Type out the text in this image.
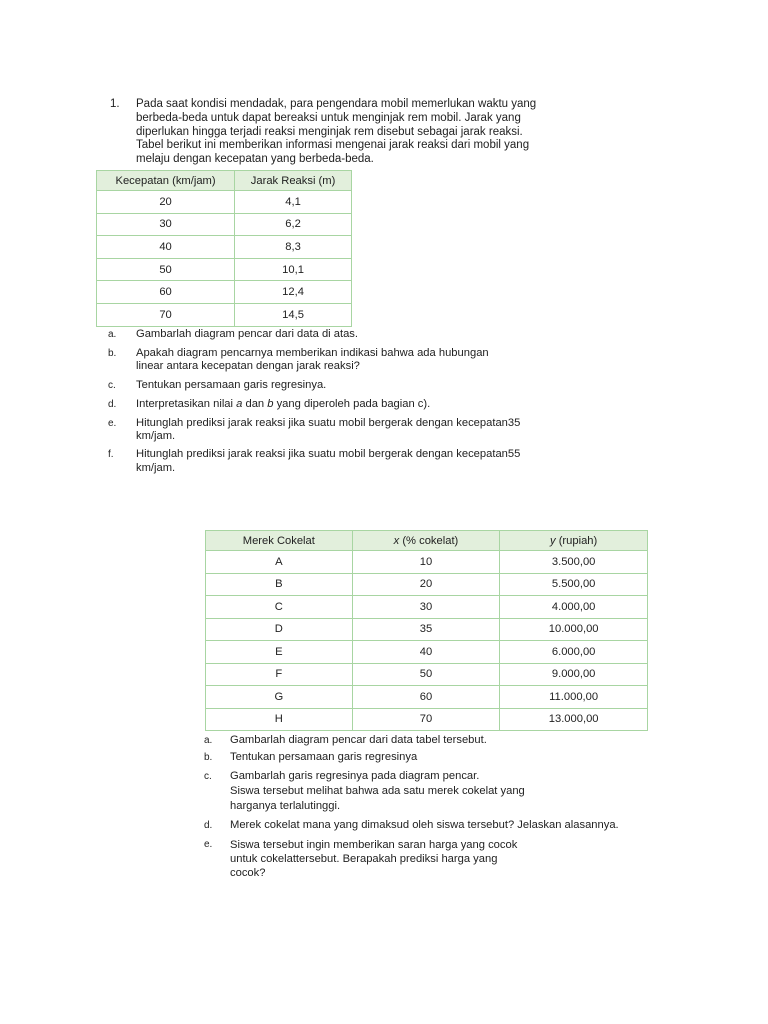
1. Pada saat kondisi mendadak, para pengendara mobil memerlukan waktu yang
berbeda-beda untuk dapat bereaksi untuk menginjak rem mobil. Jarak yang
diperlukan hingga terjadi reaksi menginjak rem disebut sebagai jarak reaksi.
Tabel berikut ini memberikan informasi mengenai jarak reaksi dari mobil yang
melaju dengan kecepatan yang berbeda-beda.

Kecepatan (km/jam)	Jarak Reaksi (m)
20	4,1
30	6,2
40	8,3
50	10,1
60	12,4
70	14,5
a. Gambarlah diagram pencar dari data di atas.
b. Apakah diagram pencarnya memberikan indikasi bahwa ada hubungan
linear antara kecepatan dengan jarak reaksi?
c. Tentukan persamaan garis regresinya.
d. Interpretasikan nilai a dan b yang diperoleh pada bagian c).
e. Hitunglah prediksi jarak reaksi jika suatu mobil bergerak dengan kecepatan35
km/jam.
f. Hitunglah prediksi jarak reaksi jika suatu mobil bergerak dengan kecepatan55
km/jam.
Merek Cokelat	x (% cokelat)	y (rupiah)
A	10	3.500,00
B	20	5.500,00
C	30	4.000,00
D	35	10.000,00
E	40	6.000,00
F	50	9.000,00
G	60	11.000,00
H	70	13.000,00
a. Gambarlah diagram pencar dari data tabel tersebut.
b. Tentukan persamaan garis regresinya
c. Gambarlah garis regresinya pada diagram pencar.
Siswa tersebut melihat bahwa ada satu merek cokelat yang
harganya terlalutinggi.
d. Merek cokelat mana yang dimaksud oleh siswa tersebut? Jelaskan alasannya.
e. Siswa tersebut ingin memberikan saran harga yang cocok
untuk cokelattersebut. Berapakah prediksi harga yang
cocok?
